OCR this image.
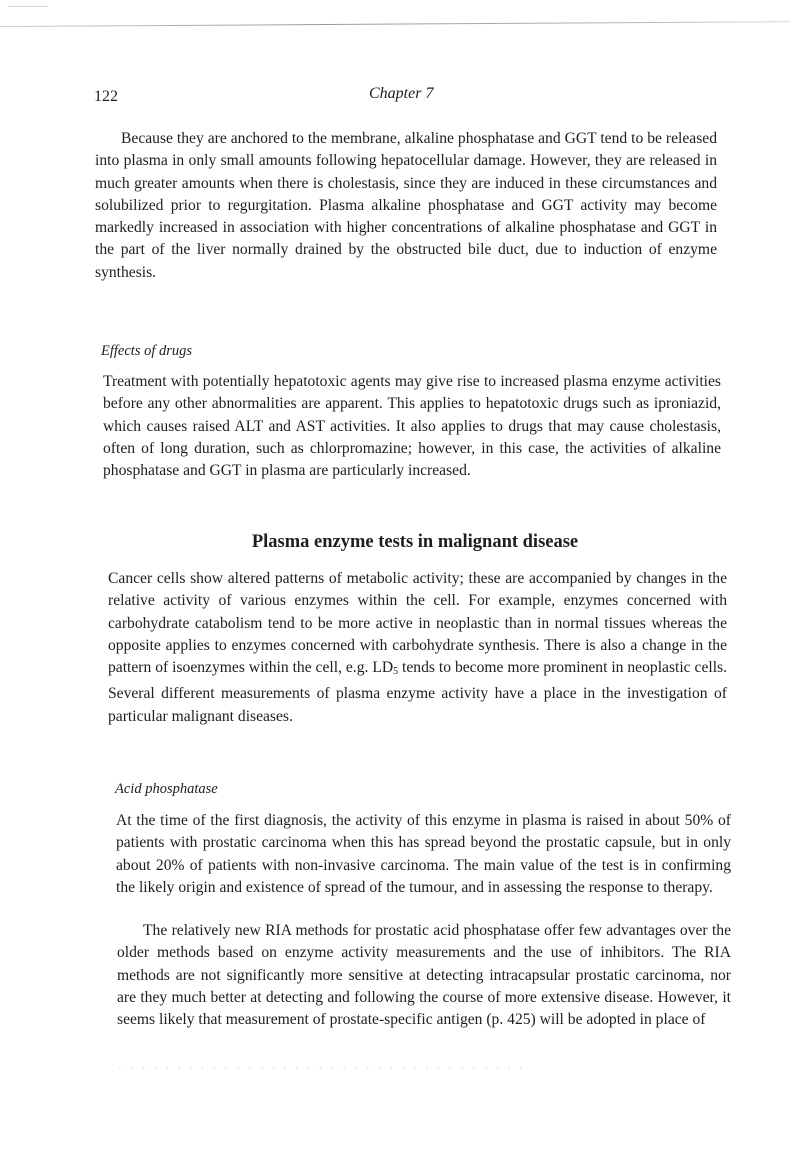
122	Chapter 7

Because they are anchored to the membrane, alkaline phosphatase and GGT tend to be released into plasma in only small amounts following hepatocellular damage. However, they are released in much greater amounts when there is cholestasis, since they are induced in these circumstances and solubilized prior to regurgitation. Plasma alkaline phosphatase and GGT activity may become markedly increased in association with higher concentrations of alkaline phosphatase and GGT in the part of the liver normally drained by the obstructed bile duct, due to induction of enzyme synthesis.

Effects of drugs

Treatment with potentially hepatotoxic agents may give rise to increased plasma enzyme activities before any other abnormalities are apparent. This applies to hepatotoxic drugs such as iproniazid, which causes raised ALT and AST activities. It also applies to drugs that may cause cholestasis, often of long duration, such as chlorpromazine; however, in this case, the activities of alkaline phosphatase and GGT in plasma are particularly increased.

Plasma enzyme tests in malignant disease

Cancer cells show altered patterns of metabolic activity; these are accompanied by changes in the relative activity of various enzymes within the cell. For example, enzymes concerned with carbohydrate catabolism tend to be more active in neoplastic than in normal tissues whereas the opposite applies to enzymes concerned with carbohydrate synthesis. There is also a change in the pattern of isoenzymes within the cell, e.g. $LD_5$ tends to become more prominent in neoplastic cells. Several different measurements of plasma enzyme activity have a place in the investigation of particular malignant diseases.

Acid phosphatase

At the time of the first diagnosis, the activity of this enzyme in plasma is raised in about 50% of patients with prostatic carcinoma when this has spread beyond the prostatic capsule, but in only about 20% of patients with non-invasive carcinoma. The main value of the test is in confirming the likely origin and existence of spread of the tumour, and in assessing the response to therapy.

The relatively new RIA methods for prostatic acid phosphatase offer few advantages over the older methods based on enzyme activity measurements and the use of inhibitors. The RIA methods are not significantly more sensitive at detecting intracapsular prostatic carcinoma, nor are they much better at detecting and following the course of more extensive disease. However, it seems likely that measurement of prostate-specific antigen (p. 425) will be adopted in place of

. . . . . . . . . . . . . . . . . . . . . . . . . . . . . . . . . . .
